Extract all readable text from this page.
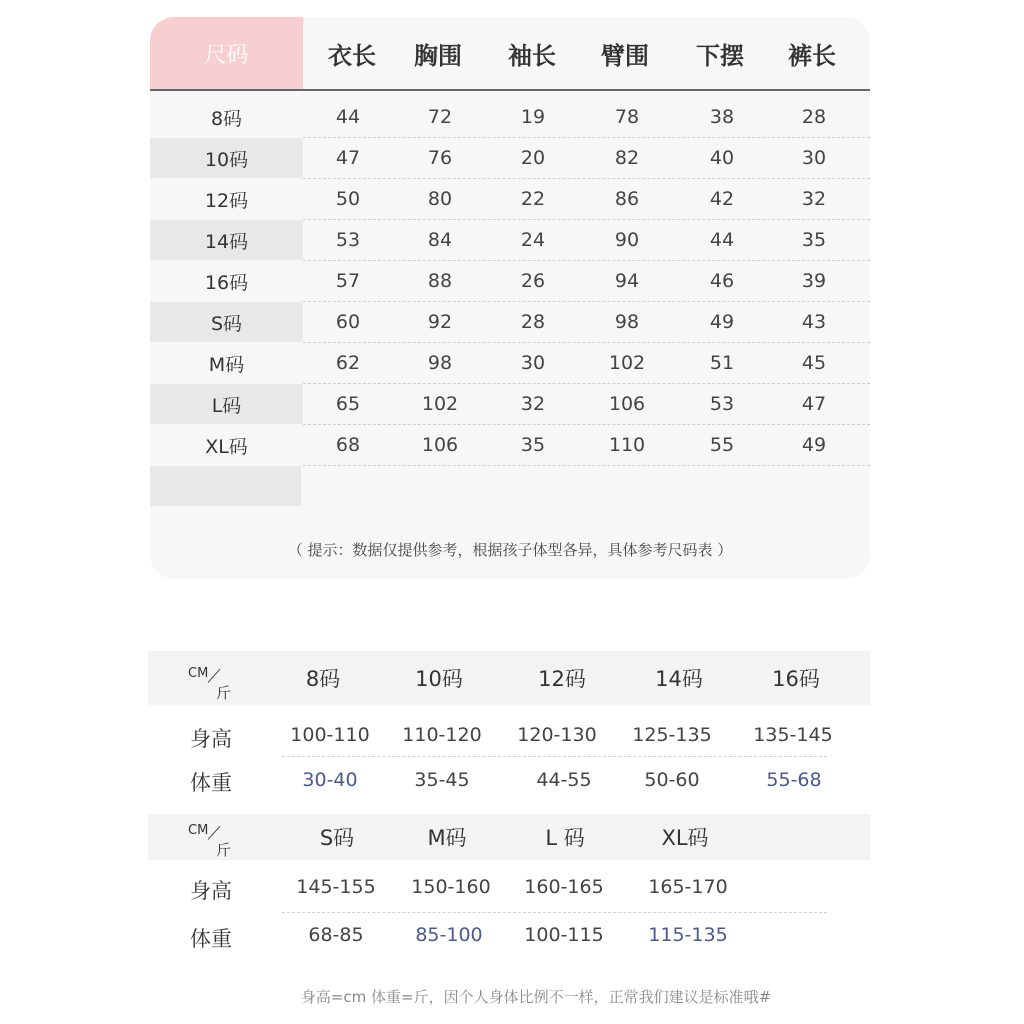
尺码	衣长	胸围	袖长	臂围	下摆	裤长
8码	44	72	19	78	38	28
10码	47	76	20	82	40	30
12码	50	80	22	86	42	32
14码	53	84	24	90	44	35
16码	57	88	26	94	46	39
S码	60	92	28	98	49	43
M码	62	98	30	102	51	45
L码	65	102	32	106	53	47
XL码	68	106	35	110	55	49
（ 提示：数据仅提供参考，根据孩子体型各异，具体参考尺码表 ）
CM
斤
8码	10码	12码	14码	16码
身高	100-110	110-120	120-130	125-135	135-145
体重	30-40	35-45	44-55	50-60	55-68
CM
斤	S码	M码	L 码	XL码
身高	145-155	150-160	160-165	165-170
体重	68-85	85-100	100-115	115-135
身高=cm 体重=斤，因个人身体比例不一样，正常我们建议是标准哦#
